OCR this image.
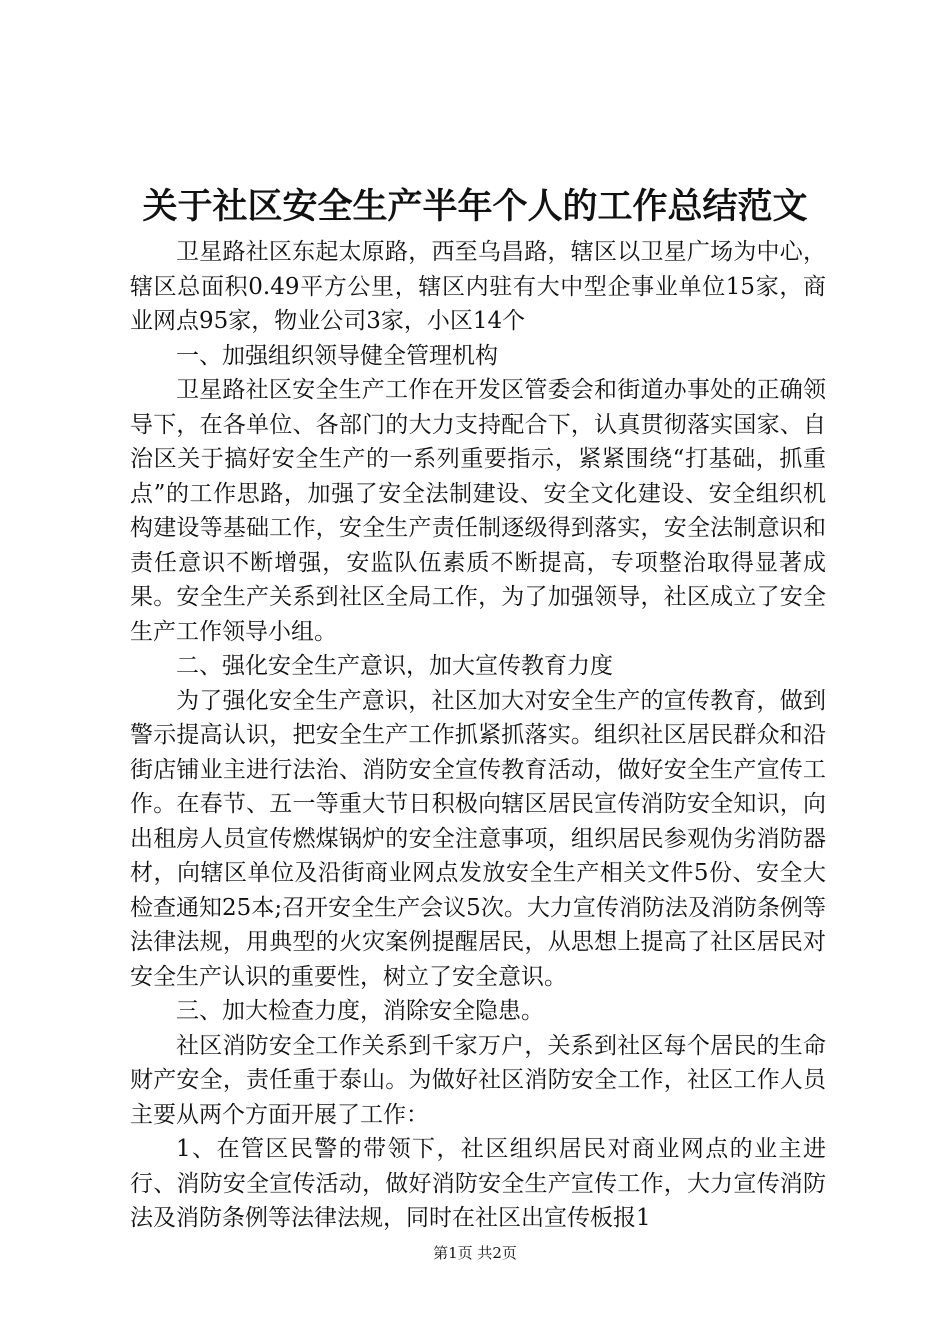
关于社区安全生产半年个人的工作总结范文

卫星路社区东起太原路，西至乌昌路，辖区以卫星广场为中心，辖区总面积0.49平方公里，辖区内驻有大中型企事业单位15家，商业网点95家，物业公司3家，小区14个

一、加强组织领导健全管理机构

卫星路社区安全生产工作在开发区管委会和街道办事处的正确领导下，在各单位、各部门的大力支持配合下，认真贯彻落实国家、自治区关于搞好安全生产的一系列重要指示，紧紧围绕“打基础，抓重点”的工作思路，加强了安全法制建设、安全文化建设、安全组织机构建设等基础工作，安全生产责任制逐级得到落实，安全法制意识和责任意识不断增强，安监队伍素质不断提高，专项整治取得显著成果。安全生产关系到社区全局工作，为了加强领导，社区成立了安全生产工作领导小组。

二、强化安全生产意识，加大宣传教育力度

为了强化安全生产意识，社区加大对安全生产的宣传教育，做到警示提高认识，把安全生产工作抓紧抓落实。组织社区居民群众和沿街店铺业主进行法治、消防安全宣传教育活动，做好安全生产宣传工作。在春节、五一等重大节日积极向辖区居民宣传消防安全知识，向出租房人员宣传燃煤锅炉的安全注意事项，组织居民参观伪劣消防器材，向辖区单位及沿街商业网点发放安全生产相关文件5份、安全大检查通知25本;召开安全生产会议5次。大力宣传消防法及消防条例等法律法规，用典型的火灾案例提醒居民，从思想上提高了社区居民对安全生产认识的重要性，树立了安全意识。

三、加大检查力度，消除安全隐患。

社区消防安全工作关系到千家万户，关系到社区每个居民的生命财产安全，责任重于泰山。为做好社区消防安全工作，社区工作人员主要从两个方面开展了工作：

1、在管区民警的带领下，社区组织居民对商业网点的业主进行、消防安全宣传活动，做好消防安全生产宣传工作，大力宣传消防法及消防条例等法律法规，同时在社区出宣传板报1

第1页 共2页
